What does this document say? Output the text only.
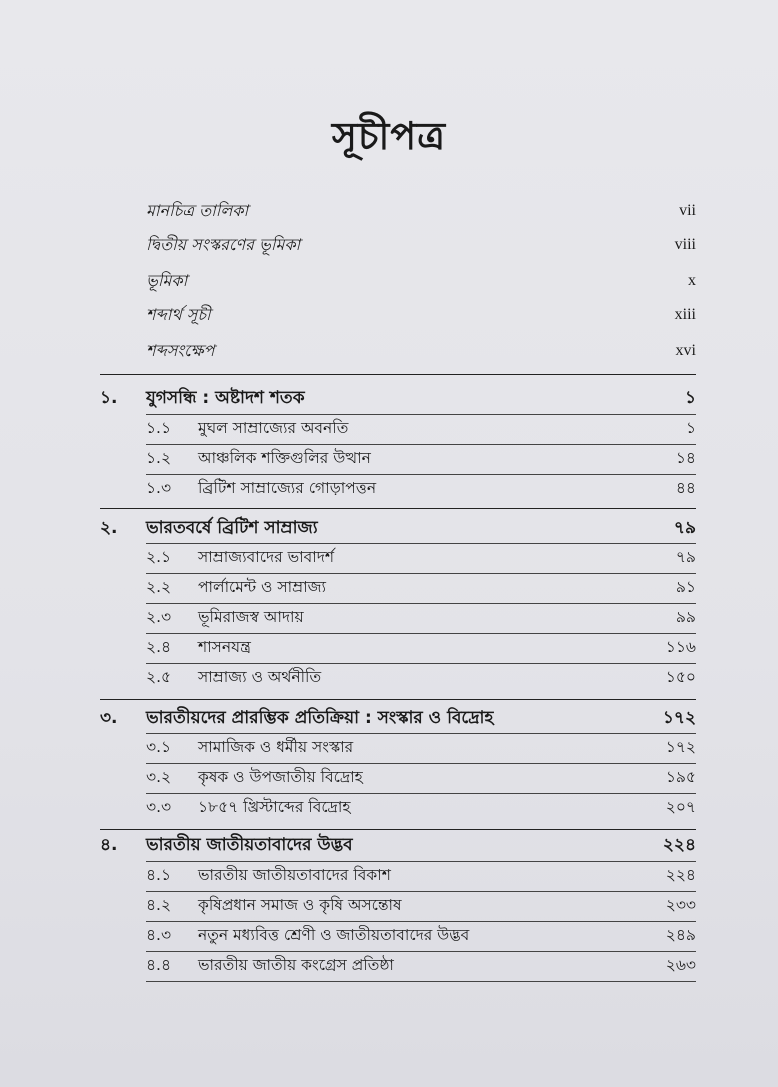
সূচীপত্র
মানচিত্র তালিকা	vii
দ্বিতীয় সংস্করণের ভূমিকা	viii
ভূমিকা	x
শব্দার্থ সূচী	xiii
শব্দসংক্ষেপ	xvi
১.	যুগসন্ধি : অষ্টাদশ শতক	১
১.১	মুঘল সাম্রাজ্যের অবনতি	১
১.২	আঞ্চলিক শক্তিগুলির উত্থান	১৪
১.৩	ব্রিটিশ সাম্রাজ্যের গোড়াপত্তন	৪৪
২.	ভারতবর্ষে ব্রিটিশ সাম্রাজ্য	৭৯
২.১	সাম্রাজ্যবাদের ভাবাদর্শ	৭৯
২.২	পার্লামেন্ট ও সাম্রাজ্য	৯১
২.৩	ভূমিরাজস্ব আদায়	৯৯
২.৪	শাসনযন্ত্র	১১৬
২.৫	সাম্রাজ্য ও অর্থনীতি	১৫০
৩.	ভারতীয়দের প্রারম্ভিক প্রতিক্রিয়া : সংস্কার ও বিদ্রোহ	১৭২
৩.১	সামাজিক ও ধর্মীয় সংস্কার	১৭২
৩.২	কৃষক ও উপজাতীয় বিদ্রোহ	১৯৫
৩.৩	১৮৫৭ খ্রিস্টাব্দের বিদ্রোহ	২০৭
৪.	ভারতীয় জাতীয়তাবাদের উদ্ভব	২২৪
৪.১	ভারতীয় জাতীয়তাবাদের বিকাশ	২২৪
৪.২	কৃষিপ্রধান সমাজ ও কৃষি অসন্তোষ	২৩৩
৪.৩	নতুন মধ্যবিত্ত শ্রেণী ও জাতীয়তাবাদের উদ্ভব	২৪৯
৪.৪	ভারতীয় জাতীয় কংগ্রেস প্রতিষ্ঠা	২৬৩
